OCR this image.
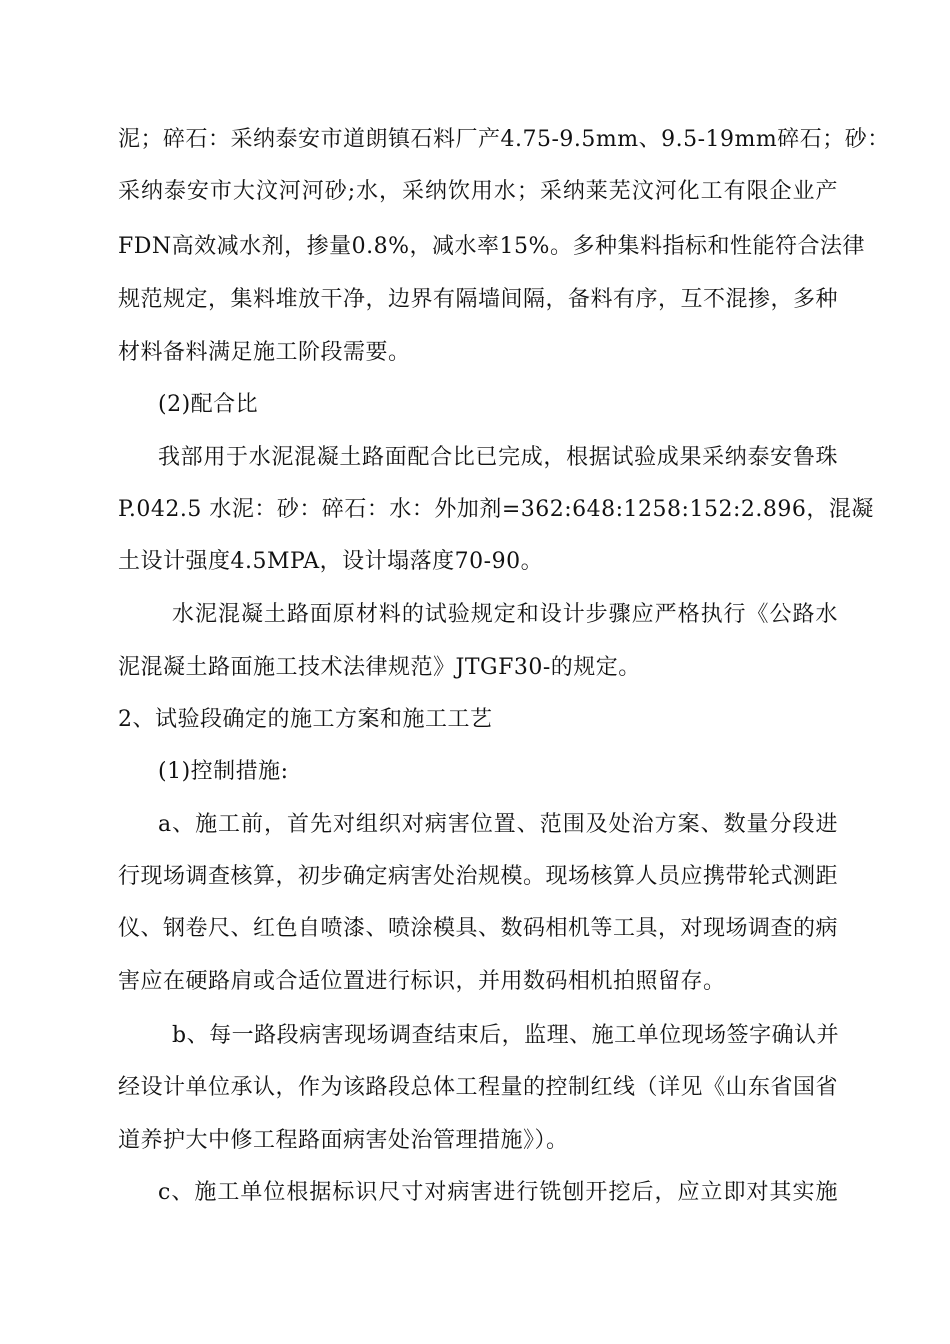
泥；碎石：采纳泰安市道朗镇石料厂产4.75-9.5mm、9.5-19mm碎石；砂：
采纳泰安市大汶河河砂;水，采纳饮用水；采纳莱芜汶河化工有限企业产
FDN高效减水剂，掺量0.8%，减水率15%。多种集料指标和性能符合法律
规范规定，集料堆放干净，边界有隔墙间隔，备料有序，互不混掺，多种
材料备料满足施工阶段需要。
(2)配合比
我部用于水泥混凝土路面配合比已完成，根据试验成果采纳泰安鲁珠
P.042.5 水泥：砂：碎石：水：外加剂=362:648:1258:152:2.896，混凝
土设计强度4.5MPA，设计塌落度70-90。
水泥混凝土路面原材料的试验规定和设计步骤应严格执行《公路水
泥混凝土路面施工技术法律规范》JTGF30-的规定。
2、试验段确定的施工方案和施工工艺
(1)控制措施:
a、施工前，首先对组织对病害位置、范围及处治方案、数量分段进
行现场调查核算，初步确定病害处治规模。现场核算人员应携带轮式测距
仪、钢卷尺、红色自喷漆、喷涂模具、数码相机等工具，对现场调查的病
害应在硬路肩或合适位置进行标识，并用数码相机拍照留存。
b、每一路段病害现场调查结束后，监理、施工单位现场签字确认并
经设计单位承认，作为该路段总体工程量的控制红线（详见《山东省国省
道养护大中修工程路面病害处治管理措施》）。
c、施工单位根据标识尺寸对病害进行铣刨开挖后，应立即对其实施
